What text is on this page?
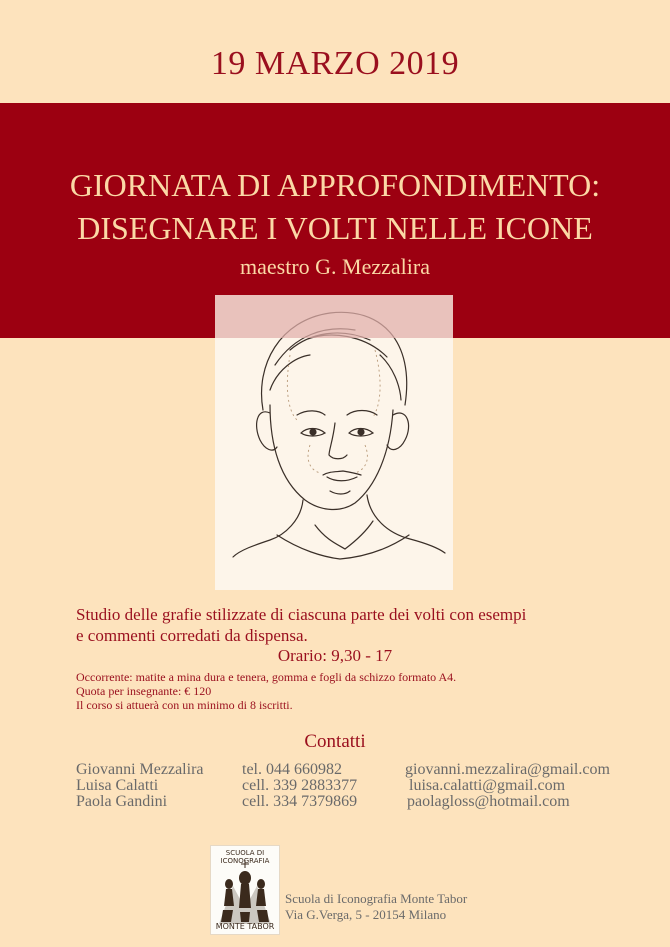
19 MARZO 2019
GIORNATA DI APPROFONDIMENTO:
DISEGNARE I VOLTI NELLE ICONE
maestro G. Mezzalira
Studio delle grafie stilizzate di ciascuna parte dei volti con esempi
e commenti corredati da dispensa.
Orario: 9,30 - 17
Occorrente: matite a mina dura e tenera, gomma e fogli da schizzo formato A4.
Quota per insegnante: € 120
Il corso si attuerà con un minimo di 8 iscritti.
Contatti
Giovanni Mezzalira tel. 044 660982	giovanni.mezzalira@gmail.com
Luisa Calatti	cell. 339 2883377	luisa.calatti@gmail.com
Paola Gandini	cell. 334 7379869	paolagloss@hotmail.com
SCUOLA DI ICONOGRAFIA
MONTE TABOR
Scuola di Iconografia Monte Tabor
Via G.Verga, 5 - 20154 Milano
